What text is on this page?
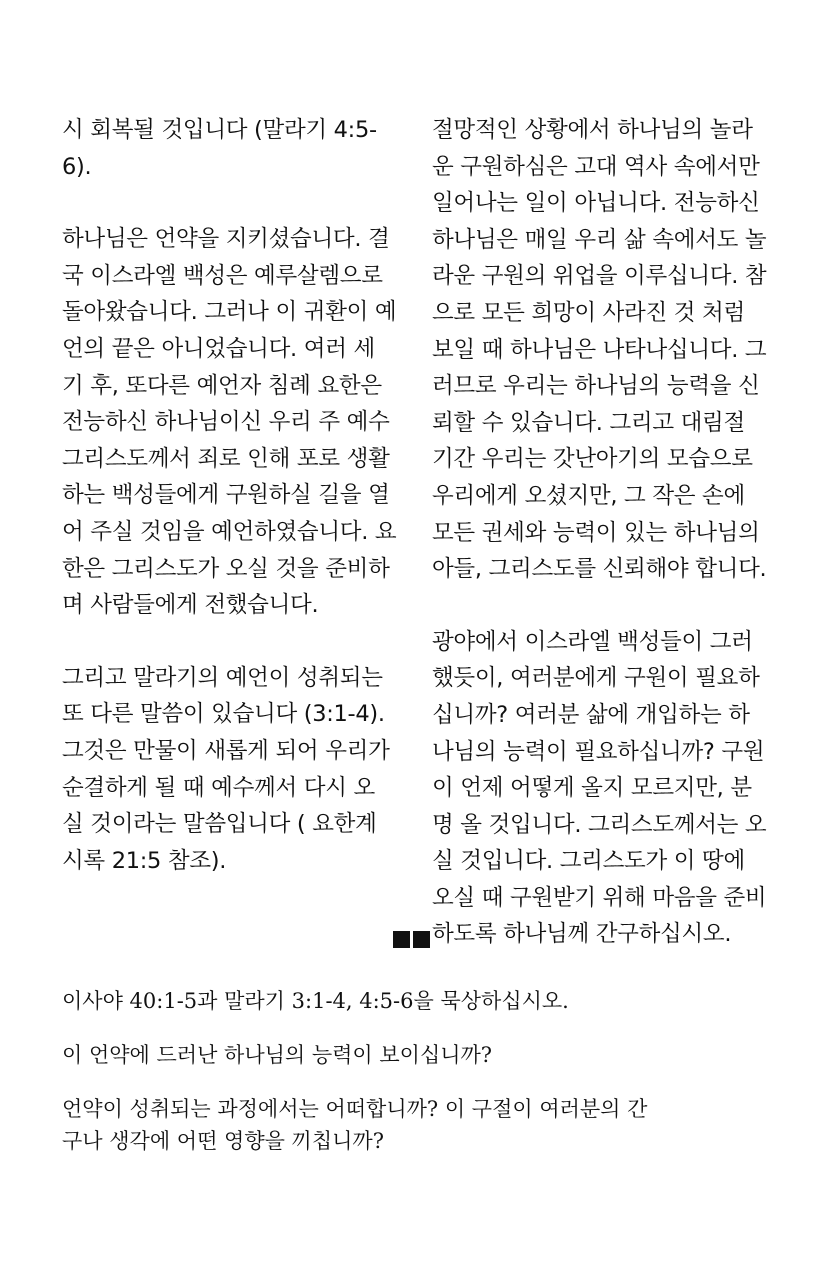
시 회복될 것입니다 (말라기 4:5-
6).

하나님은 언약을 지키셨습니다. 결
국 이스라엘 백성은 예루살렘으로
돌아왔습니다. 그러나 이 귀환이 예
언의 끝은 아니었습니다. 여러 세
기 후, 또다른 예언자 침례 요한은
전능하신 하나님이신 우리 주 예수
그리스도께서 죄로 인해 포로 생활
하는 백성들에게 구원하실 길을 열
어 주실 것임을 예언하였습니다. 요
한은 그리스도가 오실 것을 준비하
며 사람들에게 전했습니다.

그리고 말라기의 예언이 성취되는
또 다른 말씀이 있습니다 (3:1-4).
그것은 만물이 새롭게 되어 우리가
순결하게 될 때 예수께서 다시 오
실 것이라는 말씀입니다 ( 요한계
시록 21:5 참조).

절망적인 상황에서 하나님의 놀라
운 구원하심은 고대 역사 속에서만
일어나는 일이 아닙니다. 전능하신
하나님은 매일 우리 삶 속에서도 놀
라운 구원의 위업을 이루십니다. 참
으로 모든 희망이 사라진 것 처럼
보일 때 하나님은 나타나십니다. 그
러므로 우리는 하나님의 능력을 신
뢰할 수 있습니다. 그리고 대림절
기간 우리는 갓난아기의 모습으로
우리에게 오셨지만, 그 작은 손에
모든 권세와 능력이 있는 하나님의
아들, 그리스도를 신뢰해야 합니다.

광야에서 이스라엘 백성들이 그러
했듯이, 여러분에게 구원이 필요하
십니까? 여러분 삶에 개입하는 하
나님의 능력이 필요하십니까? 구원
이 언제 어떻게 올지 모르지만, 분
명 올 것입니다. 그리스도께서는 오
실 것입니다. 그리스도가 이 땅에
오실 때 구원받기 위해 마음을 준비
하도록 하나님께 간구하십시오.

이사야 40:1-5과 말라기 3:1-4, 4:5-6을 묵상하십시오.

이 언약에 드러난 하나님의 능력이 보이십니까?

언약이 성취되는 과정에서는 어떠합니까? 이 구절이 여러분의 간
구나 생각에 어떤 영향을 끼칩니까?
